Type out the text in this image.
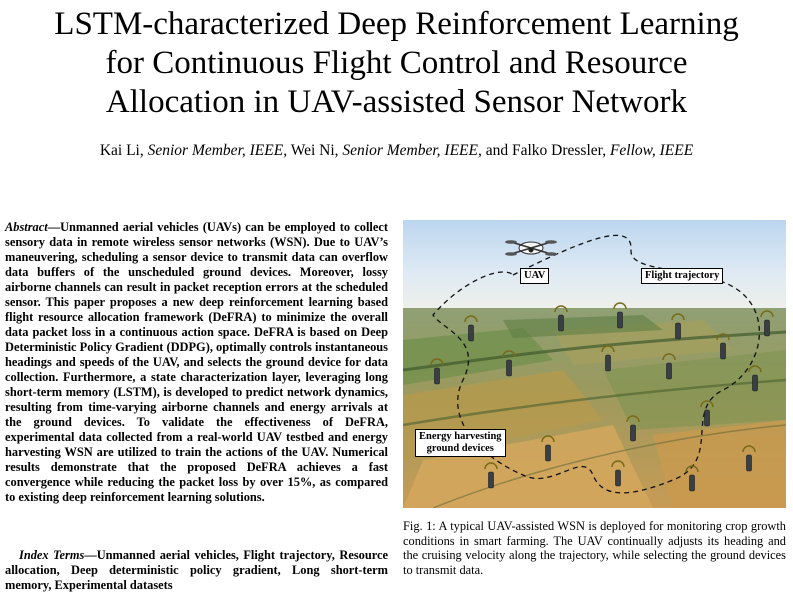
LSTM-characterized Deep Reinforcement Learning
for Continuous Flight Control and Resource
Allocation in UAV-assisted Sensor Network
Kai Li, Senior Member, IEEE, Wei Ni, Senior Member, IEEE, and Falko Dressler, Fellow, IEEE

Abstract—Unmanned aerial vehicles (UAVs) can be employed to collect sensory data in remote wireless sensor networks (WSN). Due to UAV’s maneuvering, scheduling a sensor device to transmit data can overflow data buffers of the unscheduled ground devices. Moreover, lossy airborne channels can result in packet reception errors at the scheduled sensor. This paper proposes a new deep reinforcement learning based flight resource allocation framework (DeFRA) to minimize the overall data packet loss in a continuous action space. DeFRA is based on Deep Deterministic Policy Gradient (DDPG), optimally controls instantaneous headings and speeds of the UAV, and selects the ground device for data collection. Furthermore, a state characterization layer, leveraging long short-term memory (LSTM), is developed to predict network dynamics, resulting from time-varying airborne channels and energy arrivals at the ground devices. To validate the effectiveness of DeFRA, experimental data collected from a real-world UAV testbed and energy harvesting WSN are utilized to train the actions of the UAV. Numerical results demonstrate that the proposed DeFRA achieves a fast convergence while reducing the packet loss by over 15%, as compared to existing deep reinforcement learning solutions.

Index Terms—Unmanned aerial vehicles, Flight trajectory, Resource allocation, Deep deterministic policy gradient, Long short-term memory, Experimental datasets

UAV	Flight trajectory
Energy harvesting
ground devices

Fig. 1: A typical UAV-assisted WSN is deployed for monitoring crop growth conditions in smart farming. The UAV continually adjusts its heading and the cruising velocity along the trajectory, while selecting the ground devices to transmit data.
